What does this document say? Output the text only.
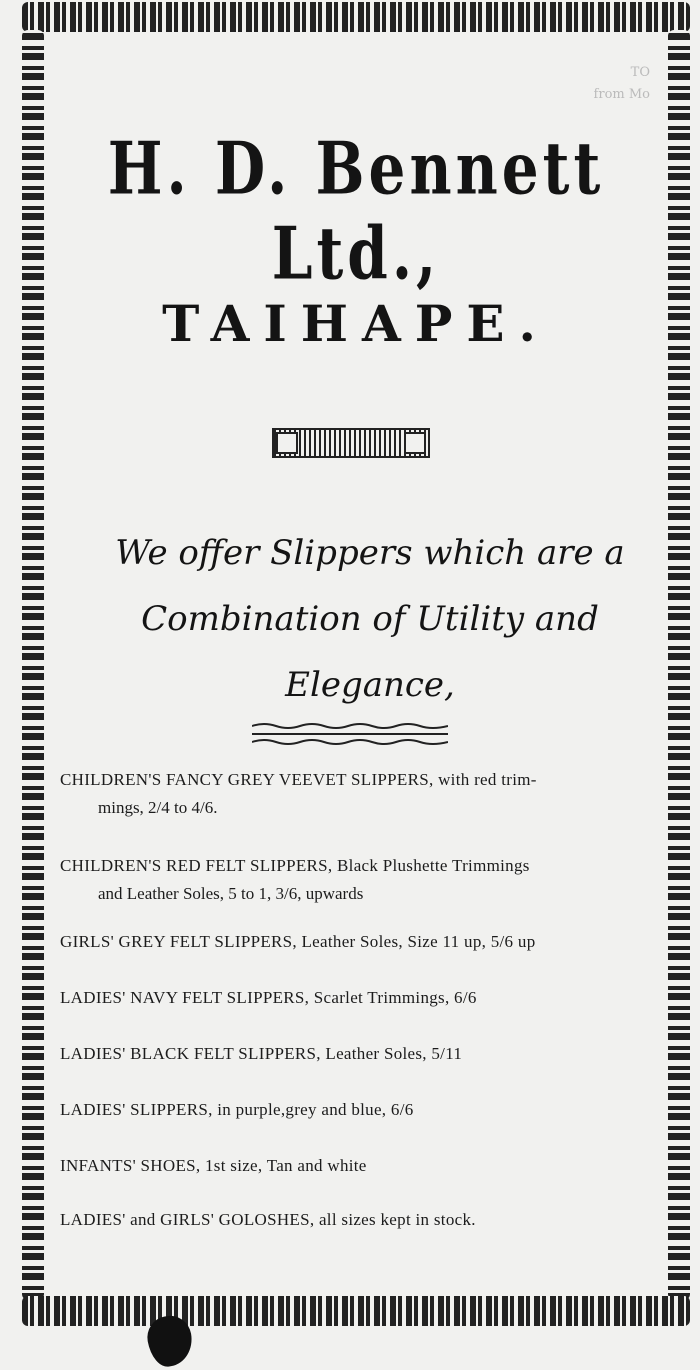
TO
from Mo
H. D. Bennett Ltd.,
TAIHAPE.
We offer Slippers which are a
Combination of Utility and
Elegance,
CHILDREN'S FANCY GREY VEEVET SLIPPERS, with red trim-
mings, 2/4 to 4/6.
CHILDREN'S RED FELT SLIPPERS, Black Plushette Trimmings
and Leather Soles, 5 to 1, 3/6, upwards
GIRLS' GREY FELT SLIPPERS, Leather Soles, Size 11 up, 5/6 up
LADIES' NAVY FELT SLIPPERS, Scarlet Trimmings, 6/6
LADIES' BLACK FELT SLIPPERS, Leather Soles, 5/11
LADIES' SLIPPERS, in purple,grey and blue, 6/6
INFANTS' SHOES, 1st size, Tan and white
LADIES' and GIRLS' GOLOSHES, all sizes kept in stock.
